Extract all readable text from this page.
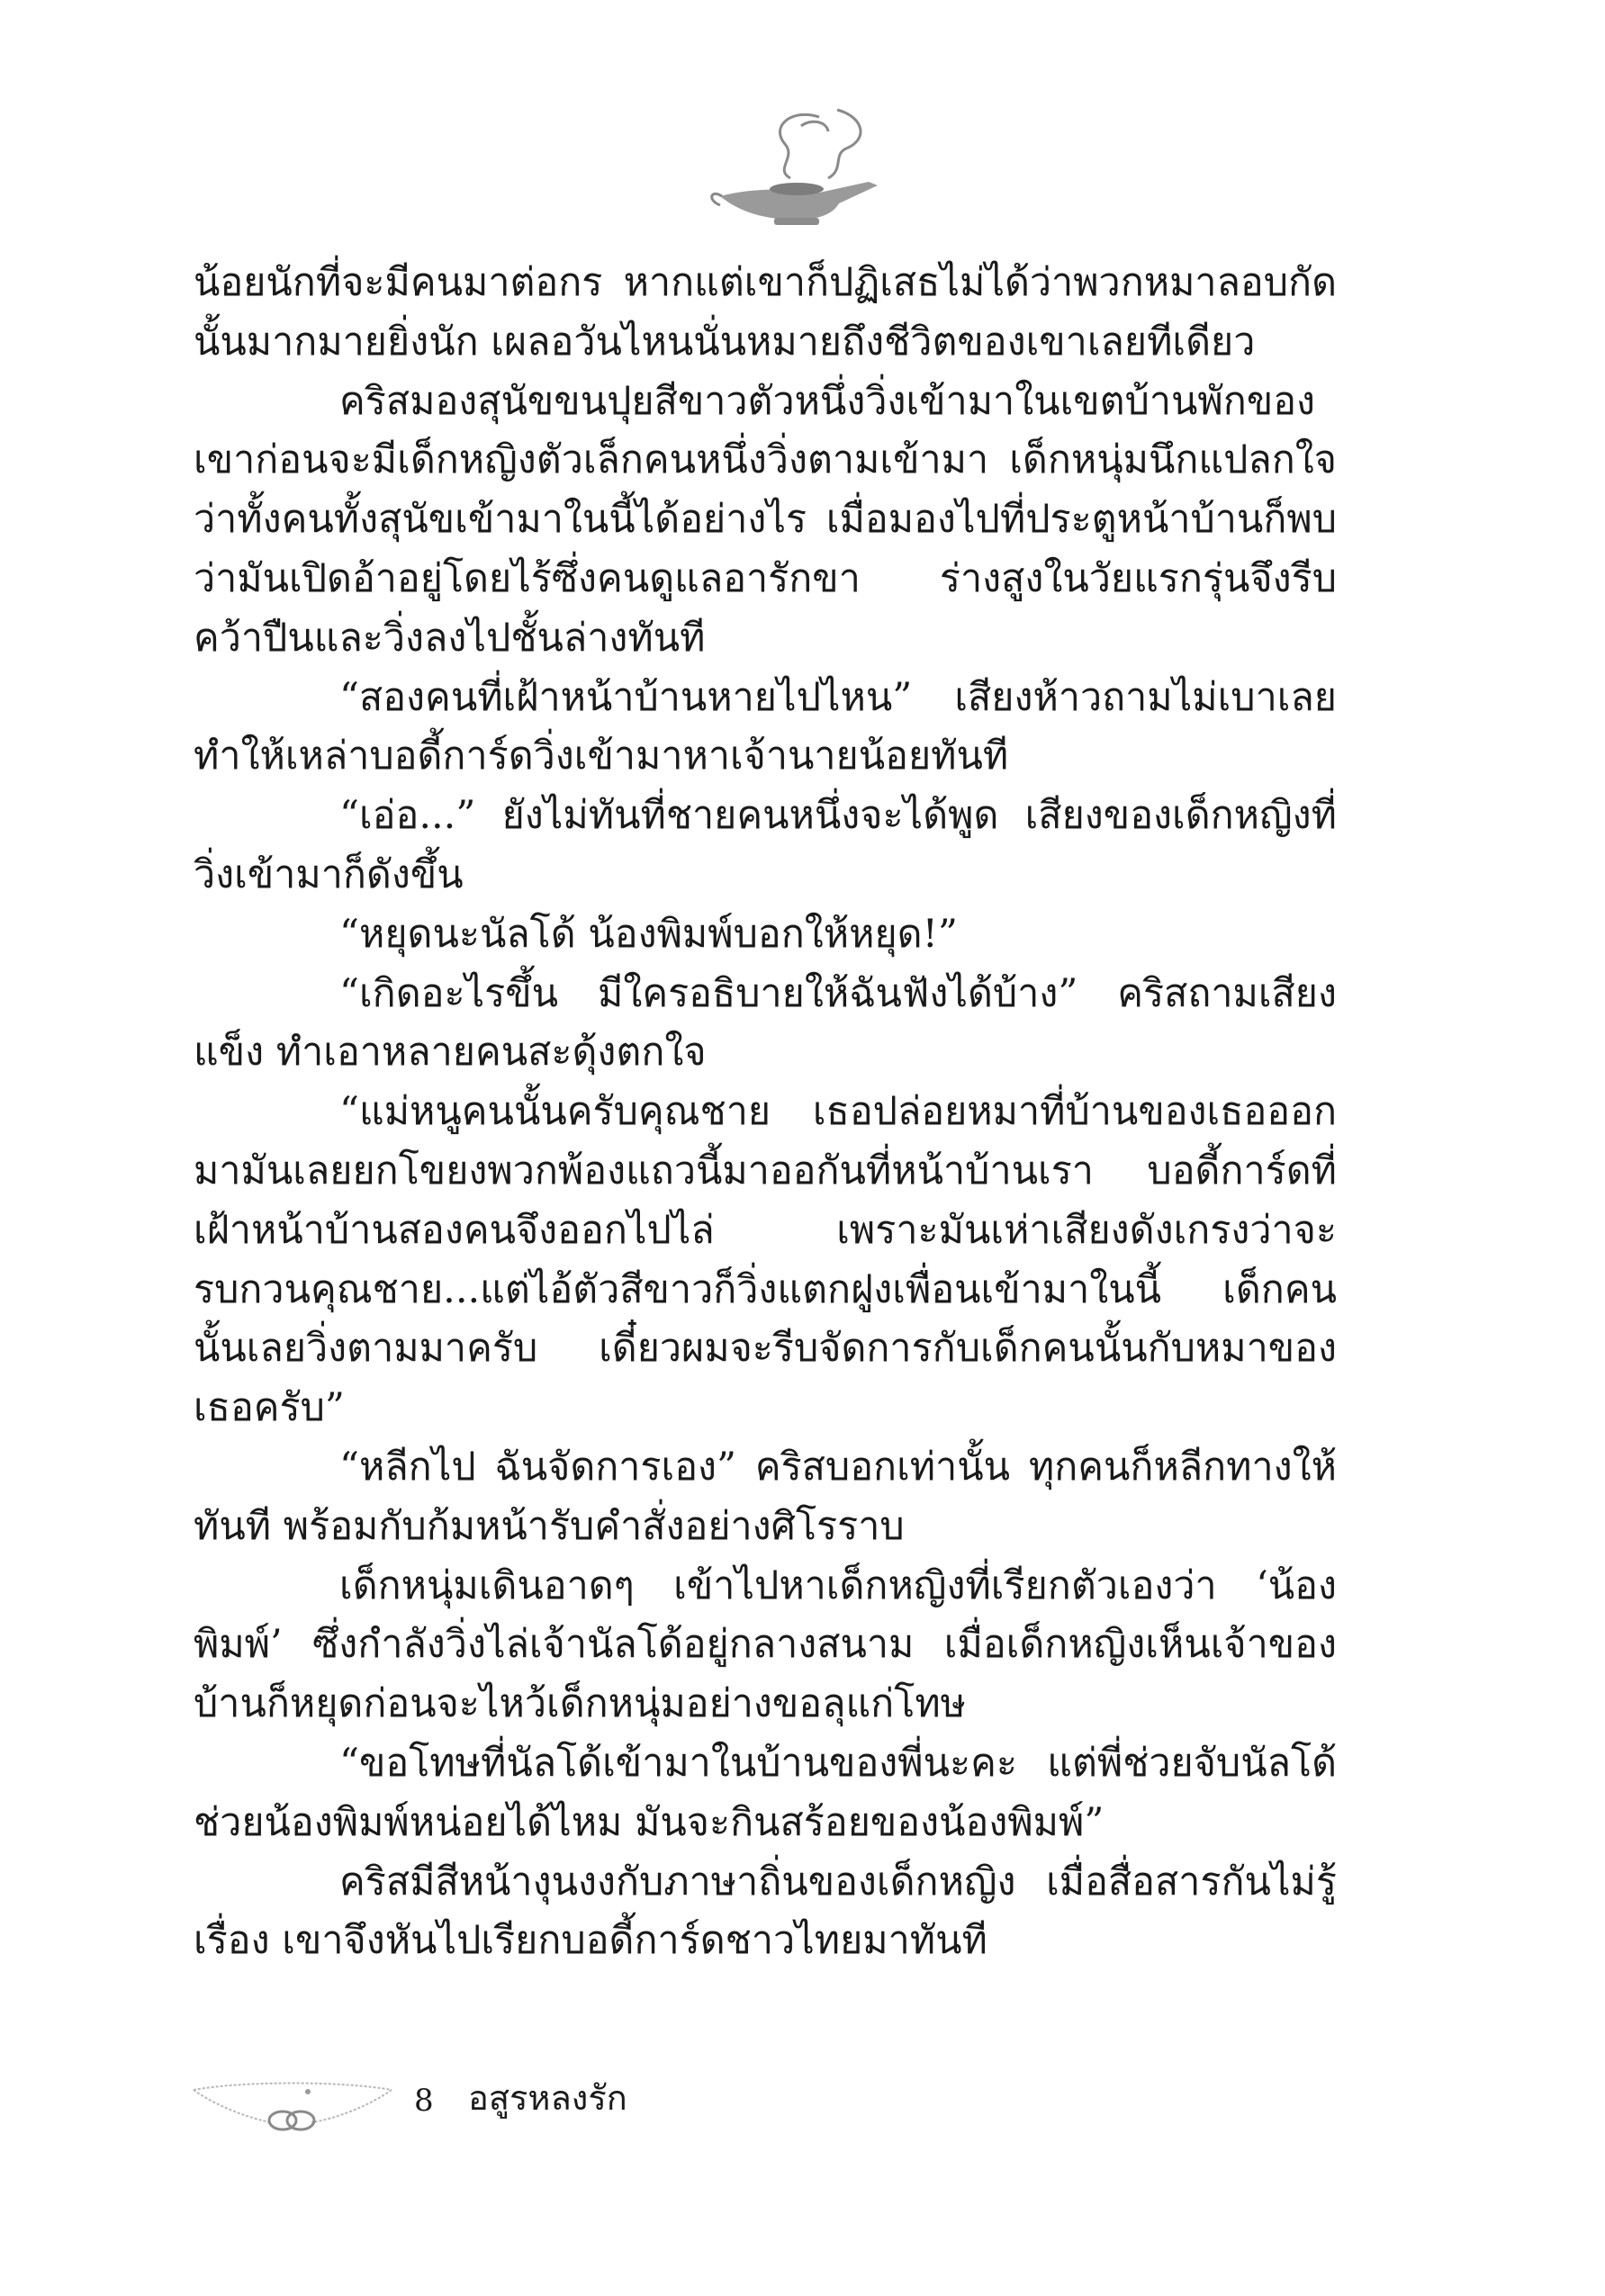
น้อยนักที่จะมีคนมาต่อกร หากแต่เขาก็ปฏิเสธไม่ได้ว่าพวกหมาลอบกัดนั้นมากมายยิ่งนัก เผลอวันไหนนั่นหมายถึงชีวิตของเขาเลยทีเดียว

คริสมองสุนัขขนปุยสีขาวตัวหนึ่งวิ่งเข้ามาในเขตบ้านพักของเขาก่อนจะมีเด็กหญิงตัวเล็กคนหนึ่งวิ่งตามเข้ามา เด็กหนุ่มนึกแปลกใจว่าทั้งคนทั้งสุนัขเข้ามาในนี้ได้อย่างไร เมื่อมองไปที่ประตูหน้าบ้านก็พบว่ามันเปิดอ้าอยู่โดยไร้ซึ่งคนดูแลอารักขา ร่างสูงในวัยแรกรุ่นจึงรีบคว้าปืนและวิ่งลงไปชั้นล่างทันที

“สองคนที่เฝ้าหน้าบ้านหายไปไหน” เสียงห้าวถามไม่เบาเลย ทำให้เหล่าบอดี้การ์ดวิ่งเข้ามาหาเจ้านายน้อยทันที

“เอ่อ...” ยังไม่ทันที่ชายคนหนึ่งจะได้พูด เสียงของเด็กหญิงที่วิ่งเข้ามาก็ดังขึ้น

“หยุดนะนัลโด้ น้องพิมพ์บอกให้หยุด!”

“เกิดอะไรขึ้น มีใครอธิบายให้ฉันฟังได้บ้าง” คริสถามเสียงแข็ง ทำเอาหลายคนสะดุ้งตกใจ

“แม่หนูคนนั้นครับคุณชาย เธอปล่อยหมาที่บ้านของเธอออกมามันเลยยกโขยงพวกพ้องแถวนี้มาออกันที่หน้าบ้านเรา บอดี้การ์ดที่เฝ้าหน้าบ้านสองคนจึงออกไปไล่ เพราะมันเห่าเสียงดังเกรงว่าจะรบกวนคุณชาย...แต่ไอ้ตัวสีขาวก็วิ่งแตกฝูงเพื่อนเข้ามาในนี้ เด็กคนนั้นเลยวิ่งตามมาครับ เดี๋ยวผมจะรีบจัดการกับเด็กคนนั้นกับหมาของเธอครับ”

“หลีกไป ฉันจัดการเอง” คริสบอกเท่านั้น ทุกคนก็หลีกทางให้ทันที พร้อมกับก้มหน้ารับคำสั่งอย่างศิโรราบ

เด็กหนุ่มเดินอาดๆ เข้าไปหาเด็กหญิงที่เรียกตัวเองว่า ‘น้องพิมพ์’ ซึ่งกำลังวิ่งไล่เจ้านัลโด้อยู่กลางสนาม เมื่อเด็กหญิงเห็นเจ้าของบ้านก็หยุดก่อนจะไหว้เด็กหนุ่มอย่างขอลุแก่โทษ

“ขอโทษที่นัลโด้เข้ามาในบ้านของพี่นะคะ แต่พี่ช่วยจับนัลโด้ช่วยน้องพิมพ์หน่อยได้ไหม มันจะกินสร้อยของน้องพิมพ์”

คริสมีสีหน้างุนงงกับภาษาถิ่นของเด็กหญิง เมื่อสื่อสารกันไม่รู้เรื่อง เขาจึงหันไปเรียกบอดี้การ์ดชาวไทยมาทันที

8 อสูรหลงรัก
